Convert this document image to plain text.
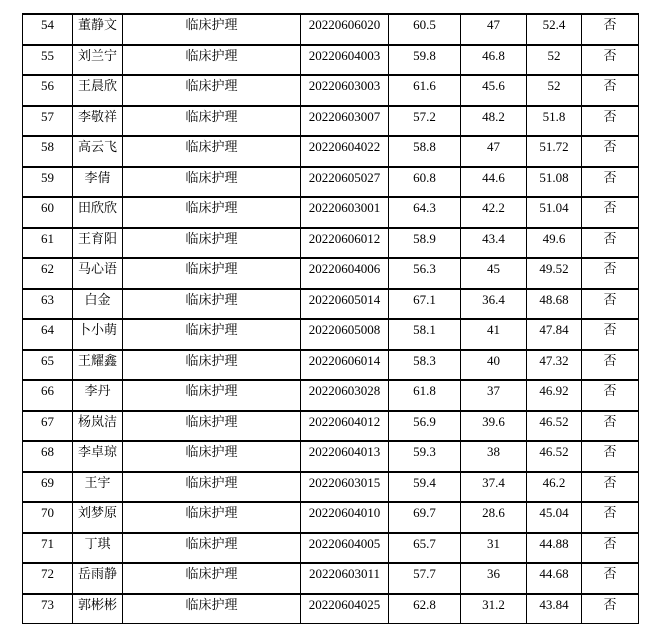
54	董静文	临床护理	20220606020	60.5	47	52.4	否
55	刘兰宁	临床护理	20220604003	59.8	46.8	52	否
56	王晨欣	临床护理	20220603003	61.6	45.6	52	否
57	李敬祥	临床护理	20220603007	57.2	48.2	51.8	否
58	高云飞	临床护理	20220604022	58.8	47	51.72	否
59	李倩	临床护理	20220605027	60.8	44.6	51.08	否
60	田欣欣	临床护理	20220603001	64.3	42.2	51.04	否
61	王育阳	临床护理	20220606012	58.9	43.4	49.6	否
62	马心语	临床护理	20220604006	56.3	45	49.52	否
63	白金	临床护理	20220605014	67.1	36.4	48.68	否
64	卜小萌	临床护理	20220605008	58.1	41	47.84	否
65	王耀鑫	临床护理	20220606014	58.3	40	47.32	否
66	李丹	临床护理	20220603028	61.8	37	46.92	否
67	杨岚洁	临床护理	20220604012	56.9	39.6	46.52	否
68	李卓琼	临床护理	20220604013	59.3	38	46.52	否
69	王宇	临床护理	20220603015	59.4	37.4	46.2	否
70	刘梦原	临床护理	20220604010	69.7	28.6	45.04	否
71	丁琪	临床护理	20220604005	65.7	31	44.88	否
72	岳雨静	临床护理	20220603011	57.7	36	44.68	否
73	郭彬彬	临床护理	20220604025	62.8	31.2	43.84	否
